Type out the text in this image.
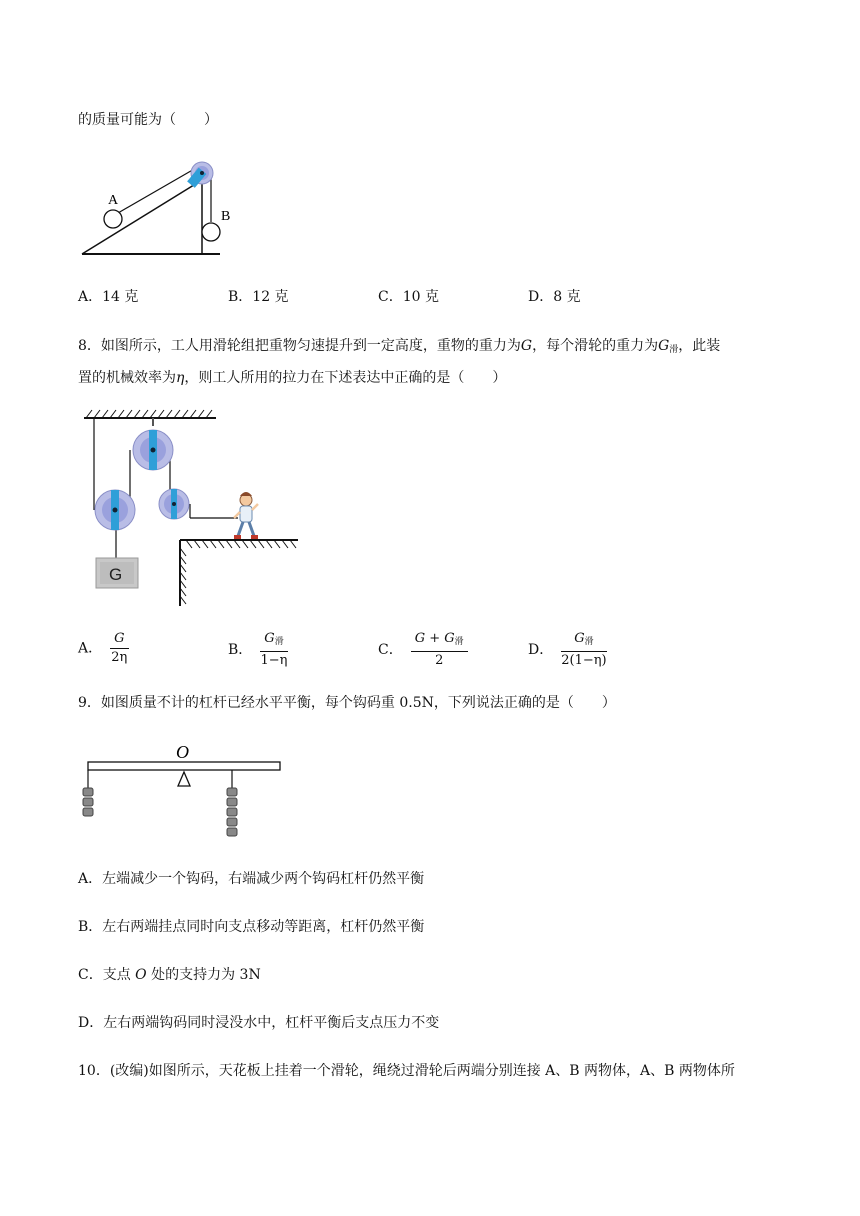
的质量可能为（　　）
A
B
A．14 克	B．12 克	C．10 克	D．8 克
8．如图所示，工人用滑轮组把重物匀速提升到一定高度，重物的重力为G，每个滑轮的重力为$G_滑$，此装
置的机械效率为η，则工人所用的拉力在下述表达中正确的是（　　）
G
A． $\frac{G}{2\eta}$	B． $\frac{G_滑}{1-\eta}$	C． $\frac{G + G_滑}{2}$	D． $\frac{G_滑}{2(1-\eta)}$
9．如图质量不计的杠杆已经水平平衡，每个钩码重 0.5N，下列说法正确的是（　　）
O
A．左端减少一个钩码，右端减少两个钩码杠杆仍然平衡
B．左右两端挂点同时向支点移动等距离，杠杆仍然平衡
C．支点 O 处的支持力为 3N
D．左右两端钩码同时浸没水中，杠杆平衡后支点压力不变
10．(改编)如图所示，天花板上挂着一个滑轮，绳绕过滑轮后两端分别连接 A、B 两物体，A、B 两物体所
